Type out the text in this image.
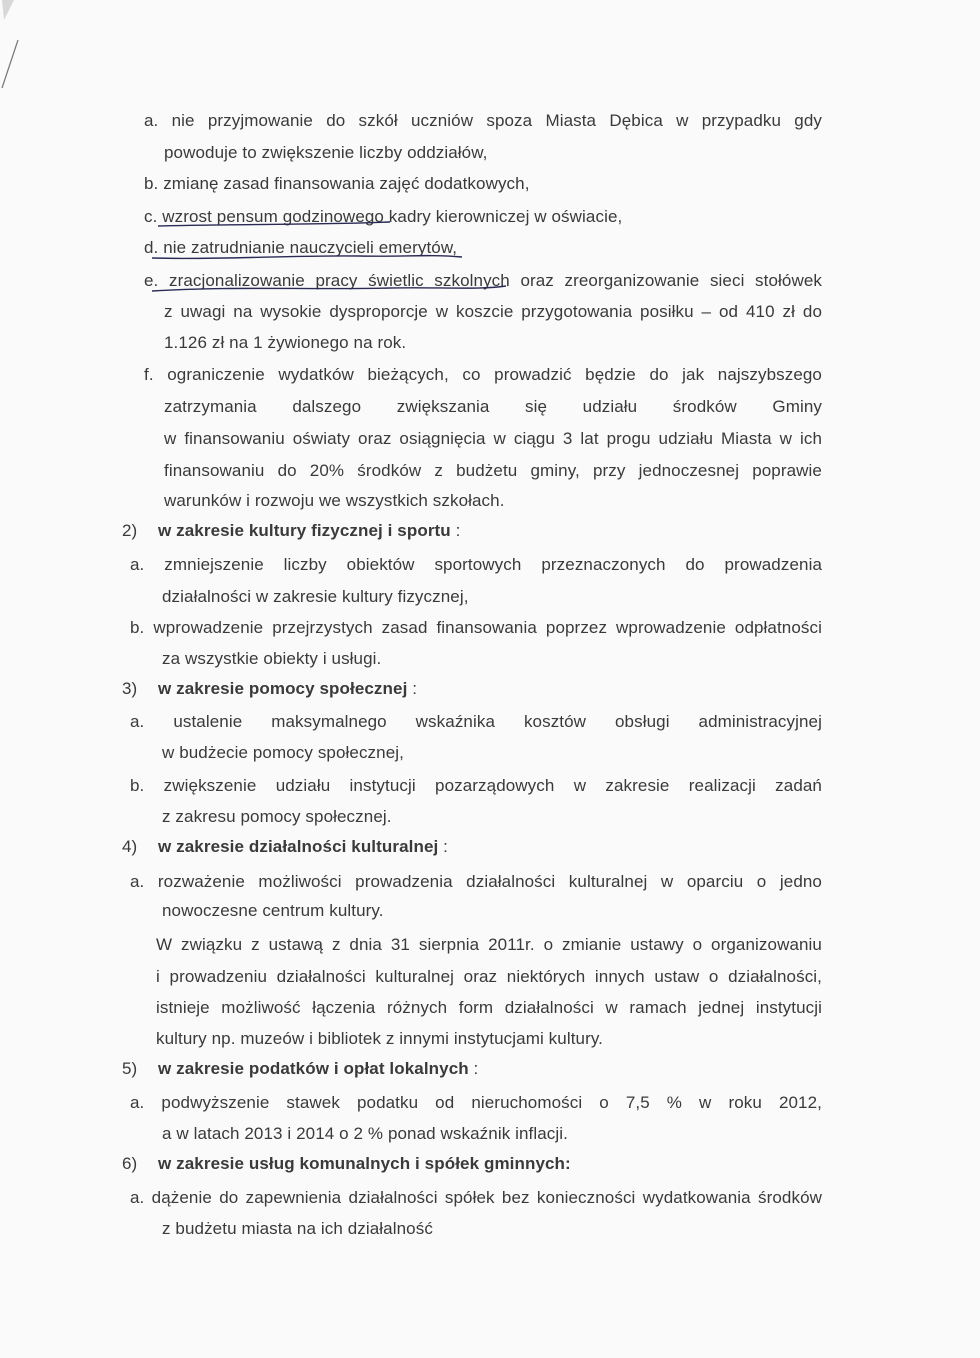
a. nie przyjmowanie do szkół uczniów spoza Miasta Dębica w przypadku gdy
powoduje to zwiększenie liczby oddziałów,
b. zmianę zasad finansowania zajęć dodatkowych,
c. wzrost pensum godzinowego kadry kierowniczej w oświacie,
d. nie zatrudnianie nauczycieli emerytów,
e. zracjonalizowanie pracy świetlic szkolnych oraz zreorganizowanie sieci stołówek
z uwagi na wysokie dysproporcje w koszcie przygotowania posiłku – od 410 zł do
1.126 zł na 1 żywionego na rok.
f. ograniczenie wydatków bieżących, co prowadzić będzie do jak najszybszego
zatrzymania dalszego zwiększania się udziału środków Gminy
w finansowaniu oświaty oraz osiągnięcia w ciągu 3 lat progu udziału Miasta w ich
finansowaniu do 20% środków z budżetu gminy, przy jednoczesnej poprawie
warunków i rozwoju we wszystkich szkołach.
2) w zakresie kultury fizycznej i sportu :
a. zmniejszenie liczby obiektów sportowych przeznaczonych do prowadzenia
działalności w zakresie kultury fizycznej,
b. wprowadzenie przejrzystych zasad finansowania poprzez wprowadzenie odpłatności
za wszystkie obiekty i usługi.
3) w zakresie pomocy społecznej :
a. ustalenie maksymalnego wskaźnika kosztów obsługi administracyjnej
w budżecie pomocy społecznej,
b. zwiększenie udziału instytucji pozarządowych w zakresie realizacji zadań
z zakresu pomocy społecznej.
4) w zakresie działalności kulturalnej :
a. rozważenie możliwości prowadzenia działalności kulturalnej w oparciu o jedno
nowoczesne centrum kultury.
W związku z ustawą z dnia 31 sierpnia 2011r. o zmianie ustawy o organizowaniu
i prowadzeniu działalności kulturalnej oraz niektórych innych ustaw o działalności,
istnieje możliwość łączenia różnych form działalności w ramach jednej instytucji
kultury np. muzeów i bibliotek z innymi instytucjami kultury.
5) w zakresie podatków i opłat lokalnych :
a. podwyższenie stawek podatku od nieruchomości o 7,5 % w roku 2012,
a w latach 2013 i 2014 o 2 % ponad wskaźnik inflacji.
6) w zakresie usług komunalnych i spółek gminnych:
a. dążenie do zapewnienia działalności spółek bez konieczności wydatkowania środków
z budżetu miasta na ich działalność
